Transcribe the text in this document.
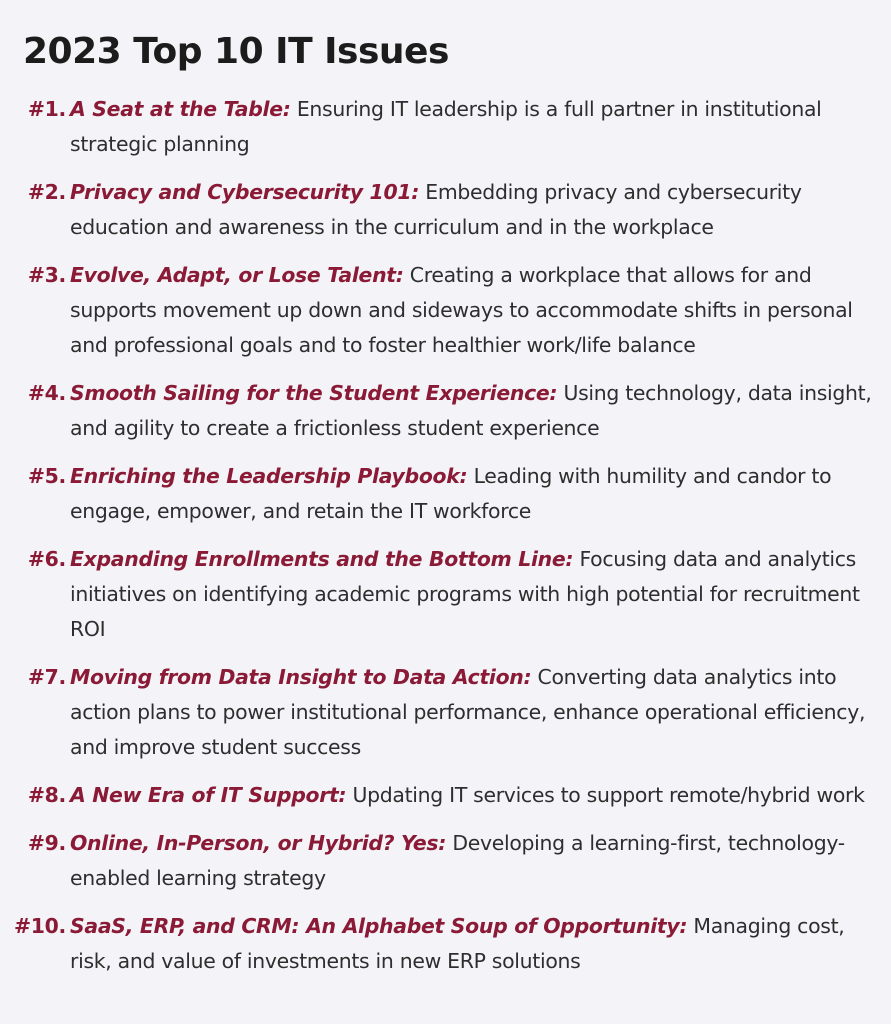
2023 Top 10 IT Issues
#1. A Seat at the Table: Ensuring IT leadership is a full partner in institutional strategic planning
#2. Privacy and Cybersecurity 101: Embedding privacy and cybersecurity education and awareness in the curriculum and in the workplace
#3. Evolve, Adapt, or Lose Talent: Creating a workplace that allows for and supports movement up down and sideways to accommodate shifts in personal and professional goals and to foster healthier work/life balance
#4. Smooth Sailing for the Student Experience: Using technology, data insight, and agility to create a frictionless student experience
#5. Enriching the Leadership Playbook: Leading with humility and candor to engage, empower, and retain the IT workforce
#6. Expanding Enrollments and the Bottom Line: Focusing data and analytics initiatives on identifying academic programs with high potential for recruitment ROI
#7. Moving from Data Insight to Data Action: Converting data analytics into action plans to power institutional performance, enhance operational efficiency, and improve student success
#8. A New Era of IT Support: Updating IT services to support remote/hybrid work
#9. Online, In-Person, or Hybrid? Yes: Developing a learning-first, technology-enabled learning strategy
#10. SaaS, ERP, and CRM: An Alphabet Soup of Opportunity: Managing cost, risk, and value of investments in new ERP solutions
